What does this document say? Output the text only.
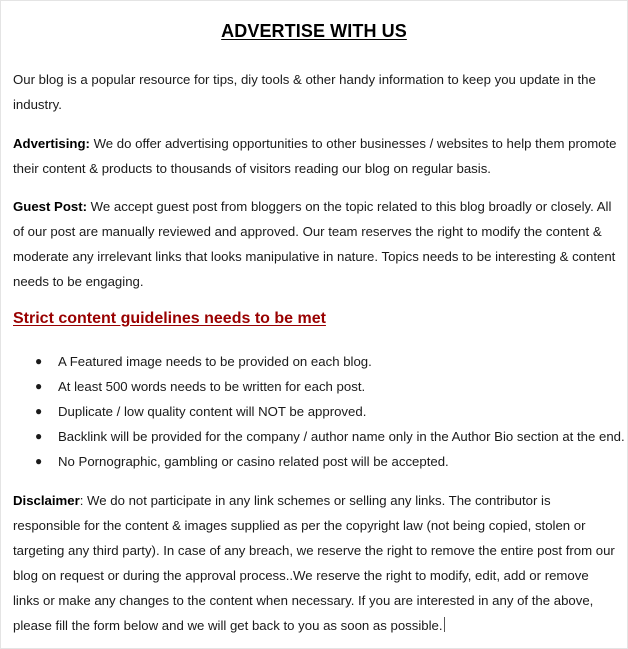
ADVERTISE WITH US

Our blog is a popular resource for tips, diy tools & other handy information to keep you update in the industry.

Advertising: We do offer advertising opportunities to other businesses / websites to help them promote their content & products to thousands of visitors reading our blog on regular basis.

Guest Post: We accept guest post from bloggers on the topic related to this blog broadly or closely. All of our post are manually reviewed and approved. Our team reserves the right to modify the content & moderate any irrelevant links that looks manipulative in nature. Topics needs to be interesting & content needs to be engaging.

Strict content guidelines needs to be met
● A Featured image needs to be provided on each blog.
● At least 500 words needs to be written for each post.
● Duplicate / low quality content will NOT be approved.
● Backlink will be provided for the company / author name only in the Author Bio section at the end.
● No Pornographic, gambling or casino related post will be accepted.

Disclaimer: We do not participate in any link schemes or selling any links. The contributor is responsible for the content & images supplied as per the copyright law (not being copied, stolen or targeting any third party). In case of any breach, we reserve the right to remove the entire post from our blog on request or during the approval process..We reserve the right to modify, edit, add or remove links or make any changes to the content when necessary. If you are interested in any of the above, please fill the form below and we will get back to you as soon as possible.
